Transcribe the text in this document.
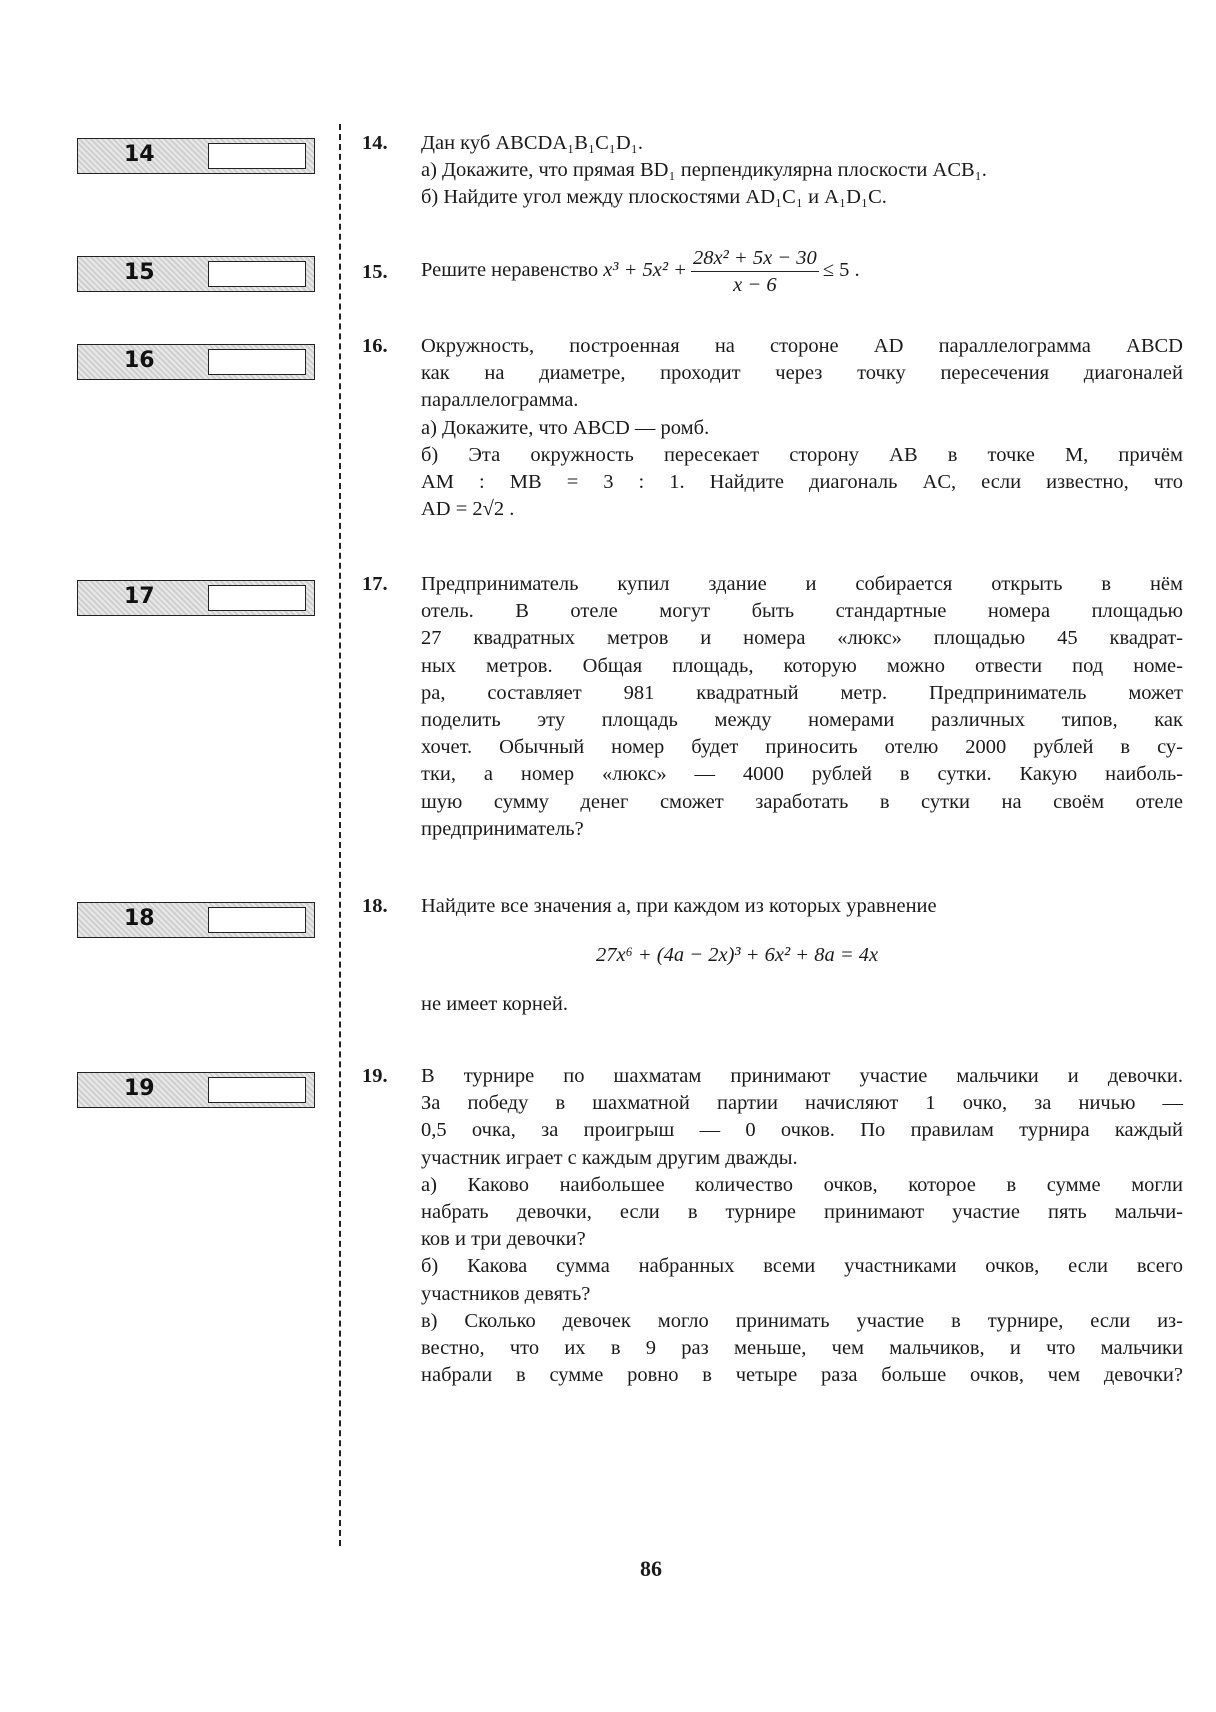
14
15
16
17
18
19
14. Дан куб ABCDA₁B₁C₁D₁.
а) Докажите, что прямая BD₁ перпендикулярна плоскости ACB₁.
б) Найдите угол между плоскостями AD₁C₁ и A₁D₁C.
15. Решите неравенство $x^3 + 5x^2 + \frac{\text{28x² + 5x − 30}}{x - 6} \le 5$ .
16. Окружность, построенная на стороне AD параллелограмма ABCD
как на диаметре, проходит через точку пересечения диагоналей
параллелограмма.
а) Докажите, что ABCD — ромб.
б) Эта окружность пересекает сторону AB в точке M, причём
AM : MB = 3 : 1. Найдите диагональ AC, если известно, что
AD = 2√2 .
17. Предприниматель купил здание и собирается открыть в нём
отель. В отеле могут быть стандартные номера площадью
27 квадратных метров и номера «люкс» площадью 45 квадрат-
ных метров. Общая площадь, которую можно отвести под номе-
ра, составляет 981 квадратный метр. Предприниматель может
поделить эту площадь между номерами различных типов, как
хочет. Обычный номер будет приносить отелю 2000 рублей в су-
тки, а номер «люкс» — 4000 рублей в сутки. Какую наиболь-
шую сумму денег сможет заработать в сутки на своём отеле
предприниматель?
18. Найдите все значения a, при каждом из которых уравнение
27x⁶ + (4a − 2x)³ + 6x² + 8a = 4x
не имеет корней.
19. В турнире по шахматам принимают участие мальчики и девочки.
За победу в шахматной партии начисляют 1 очко, за ничью —
0,5 очка, за проигрыш — 0 очков. По правилам турнира каждый
участник играет с каждым другим дважды.
а) Каково наибольшее количество очков, которое в сумме могли
набрать девочки, если в турнире принимают участие пять мальчи-
ков и три девочки?
б) Какова сумма набранных всеми участниками очков, если всего
участников девять?
в) Сколько девочек могло принимать участие в турнире, если из-
вестно, что их в 9 раз меньше, чем мальчиков, и что мальчики
набрали в сумме ровно в четыре раза больше очков, чем девочки?
86
